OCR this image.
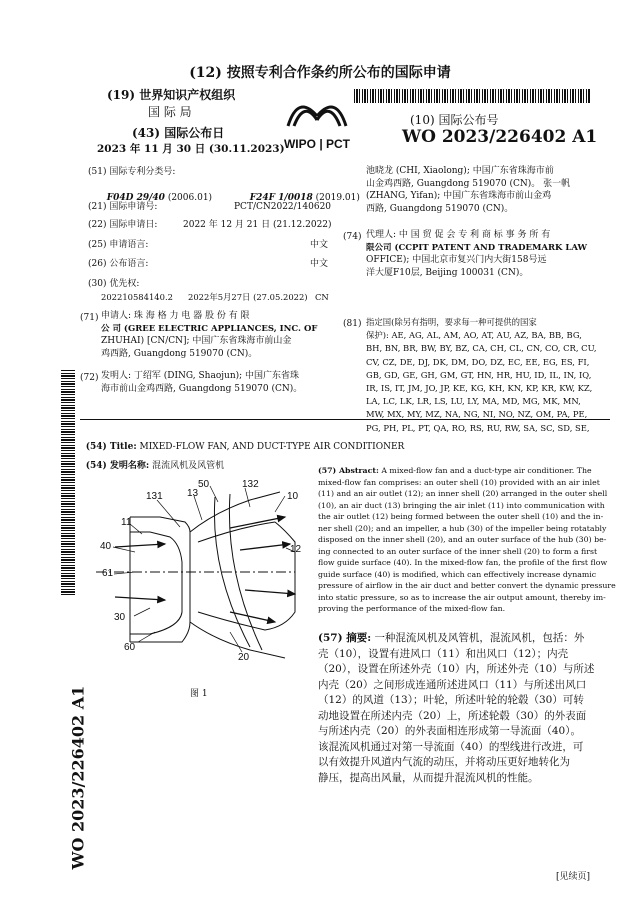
(12) 按照专利合作条约所公布的国际申请
(19) 世界知识产权组织
国 际 局
(43) 国际公布日
2023 年 11 月 30 日 (30.11.2023) WIPO | PCT
(10) 国际公布号
WO 2023/226402 A1
(51) 国际专利分类号:

F04D 29/40 (2006.01)	F24F 1/0018 (2019.01)

(21) 国际申请号:	PCT/CN2022/140620
(22) 国际申请日:	2022 年 12 月 21 日 (21.12.2022)
(25) 申请语言:	中文
(26) 公布语言:	中文
(30) 优先权:
202210584140.2 2022年5月27日 (27.05.2022) CN
(71) 申请人: 珠 海 格 力 电 器 股 份 有 限
公 司 (GREE ELECTRIC APPLIANCES, INC. OF
ZHUHAI) [CN/CN]; 中国广东省珠海市前山金
鸡西路, Guangdong 519070 (CN)。
(72) 发明人: 丁绍军 (DING, Shaojun); 中国广东省珠
海市前山金鸡西路, Guangdong 519070 (CN)。
池晓龙 (CHI, Xiaolong); 中国广东省珠海市前
山金鸡西路, Guangdong 519070 (CN)。 张一帆
(ZHANG, Yifan); 中国广东省珠海市前山金鸡
西路, Guangdong 519070 (CN)。
(74) 代理人: 中 国 贸 促 会 专 利 商 标 事 务 所 有
限公司 (CCPIT PATENT AND TRADEMARK LAW
OFFICE); 中国北京市复兴门内大街158号远
洋大厦F10层, Beijing 100031 (CN)。
(81) 指定国(除另有指明，要求每一种可提供的国家
保护): AE, AG, AL, AM, AO, AT, AU, AZ, BA, BB, BG,
BH, BN, BR, BW, BY, BZ, CA, CH, CL, CN, CO, CR, CU,
CV, CZ, DE, DJ, DK, DM, DO, DZ, EC, EE, EG, ES, FI,
GB, GD, GE, GH, GM, GT, HN, HR, HU, ID, IL, IN, IQ,
IR, IS, IT, JM, JO, JP, KE, KG, KH, KN, KP, KR, KW, KZ,
LA, LC, LK, LR, LS, LU, LY, MA, MD, MG, MK, MN,
MW, MX, MY, MZ, NA, NG, NI, NO, NZ, OM, PA, PE,
PG, PH, PL, PT, QA, RO, RS, RU, RW, SA, SC, SD, SE,

(54) Title: MIXED-FLOW FAN, AND DUCT-TYPE AIR CONDITIONER

(54) 发明名称: 混流风机及风管机

131 13
50	132
10
11
40	12
61
30
60
20
图 1
(57) Abstract: A mixed-flow fan and a duct-type air conditioner. The
mixed-flow fan comprises: an outer shell (10) provided with an air inlet
(11) and an air outlet (12); an inner shell (20) arranged in the outer shell
(10), an air duct (13) bringing the air inlet (11) into communication with
the air outlet (12) being formed between the outer shell (10) and the in-
ner shell (20); and an impeller, a hub (30) of the impeller being rotatably
disposed on the inner shell (20), and an outer surface of the hub (30) be-
ing connected to an outer surface of the inner shell (20) to form a first
flow guide surface (40). In the mixed-flow fan, the profile of the first flow
guide surface (40) is modified, which can effectively increase dynamic
pressure of airflow in the air duct and better convert the dynamic pressure
into static pressure, so as to increase the air output amount, thereby im-
proving the performance of the mixed-flow fan.
(57) 摘要: 一种混流风机及风管机，混流风机，包括：外
壳（10），设置有进风口（11）和出风口（12）；内壳
（20），设置在所述外壳（10）内，所述外壳（10）与所述
内壳（20）之间形成连通所述进风口（11）与所述出风口
（12）的风道（13）；叶轮，所述叶轮的轮毂（30）可转
动地设置在所述内壳（20）上，所述轮毂（30）的外表面
与所述内壳（20）的外表面相连形成第一导流面（40）。
该混流风机通过对第一导流面（40）的型线进行改进，可
以有效提升风道内气流的动压，并将动压更好地转化为
静压，提高出风量，从而提升混流风机的性能。
WO 2023/226402 A1
[见续页]
